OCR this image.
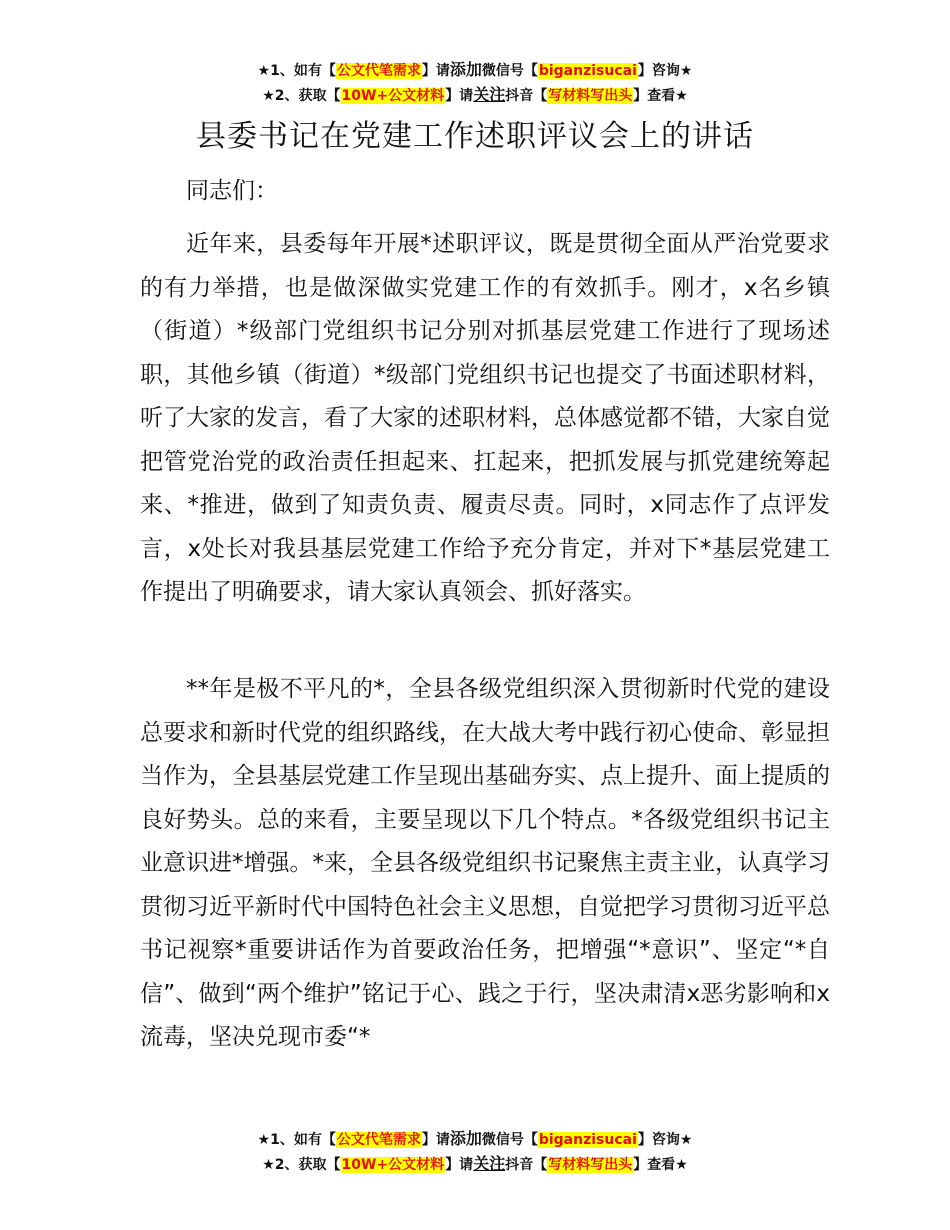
★1、如有【公文代笔需求】请添加微信号【biganzisucai】咨询★
★2、获取【10W+公文材料】请关注抖音【写材料写出头】查看★
县委书记在党建工作述职评议会上的讲话

同志们：

近年来，县委每年开展*述职评议，既是贯彻全面从严治党要求的有力举措，也是做深做实党建工作的有效抓手。刚才，x名乡镇（街道）*级部门党组织书记分别对抓基层党建工作进行了现场述职，其他乡镇（街道）*级部门党组织书记也提交了书面述职材料，听了大家的发言，看了大家的述职材料，总体感觉都不错，大家自觉把管党治党的政治责任担起来、扛起来，把抓发展与抓党建统筹起来、*推进，做到了知责负责、履责尽责。同时，x同志作了点评发言，x处长对我县基层党建工作给予充分肯定，并对下*基层党建工作提出了明确要求，请大家认真领会、抓好落实。

**年是极不平凡的*，全县各级党组织深入贯彻新时代党的建设总要求和新时代党的组织路线，在大战大考中践行初心使命、彰显担当作为，全县基层党建工作呈现出基础夯实、点上提升、面上提质的良好势头。总的来看，主要呈现以下几个特点。*各级党组织书记主业意识进*增强。*来，全县各级党组织书记聚焦主责主业，认真学习贯彻习近平新时代中国特色社会主义思想，自觉把学习贯彻习近平总书记视察*重要讲话作为首要政治任务，把增强“*意识”、坚定“*自信”、做到“两个维护”铭记于心、践之于行，坚决肃清x恶劣影响和x流毒，坚决兑现市委“*

★1、如有【公文代笔需求】请添加微信号【biganzisucai】咨询★
★2、获取【10W+公文材料】请关注抖音【写材料写出头】查看★
